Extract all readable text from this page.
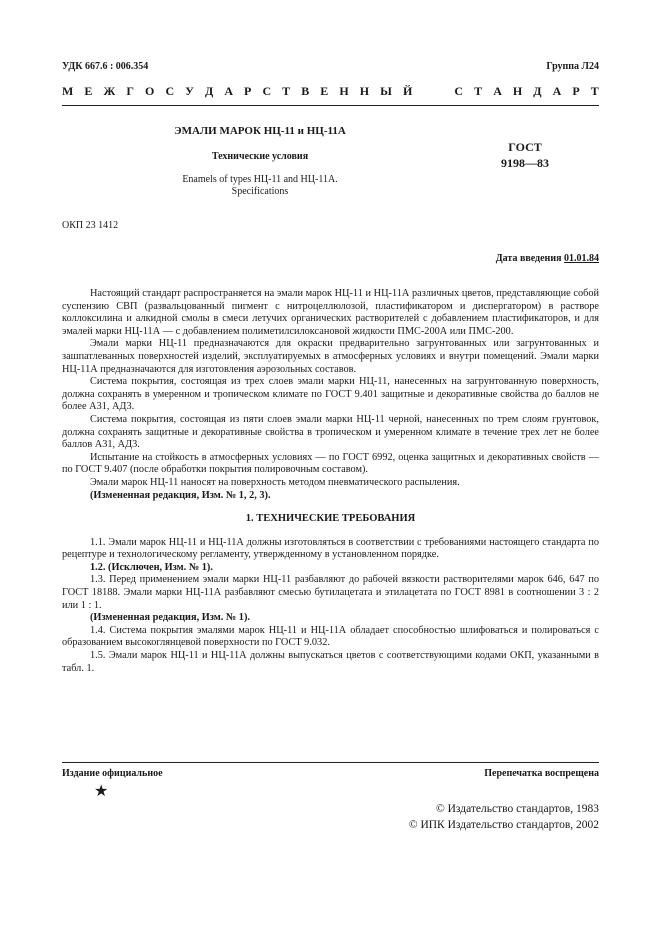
УДК 667.6 : 006.354	Группа Л24
М Е Ж Г О С У Д А Р С Т В Е Н Н Ы Й	С Т А Н Д А Р Т
ЭМАЛИ МАРОК НЦ-11 и НЦ-11А
Технические условия
Enamels of types НЦ-11 and НЦ-11А.
Specifications
ГОСТ
9198—83
ОКП 23 1412
Дата введения 01.01.84

Настоящий стандарт распространяется на эмали марок НЦ-11 и НЦ-11А различных цветов, представляющие собой суспензию СВП (развальцованный пигмент с нитроцеллюлозой, пластификатором и диспергатором) в растворе коллоксилина и алкидной смолы в смеси летучих органических растворителей с добавлением пластификаторов, и для эмалей марки НЦ-11А — с добавлением полиметилсилоксановой жидкости ПМС-200А или ПМС-200.

Эмали марки НЦ-11 предназначаются для окраски предварительно загрунтованных или загрунтованных и зашпатлеванных поверхностей изделий, эксплуатируемых в атмосферных условиях и внутри помещений. Эмали марки НЦ-11А предназначаются для изготовления аэрозольных составов.

Система покрытия, состоящая из трех слоев эмали марки НЦ-11, нанесенных на загрунтованную поверхность, должна сохранять в умеренном и тропическом климате по ГОСТ 9.401 защитные и декоративные свойства до баллов не более А31, АД3.

Система покрытия, состоящая из пяти слоев эмали марки НЦ-11 черной, нанесенных по трем слоям грунтовок, должна сохранять защитные и декоративные свойства в тропическом и умеренном климате в течение трех лет не более баллов А31, АД3.

Испытание на стойкость в атмосферных условиях — по ГОСТ 6992, оценка защитных и декоративных свойств — по ГОСТ 9.407 (после обработки покрытия полировочным составом).

Эмали марок НЦ-11 наносят на поверхность методом пневматического распыления.

(Измененная редакция, Изм. № 1, 2, 3).

1. ТЕХНИЧЕСКИЕ ТРЕБОВАНИЯ

1.1. Эмали марок НЦ-11 и НЦ-11А должны изготовляться в соответствии с требованиями настоящего стандарта по рецептуре и технологическому регламенту, утвержденному в установленном порядке.

1.2. (Исключен, Изм. № 1).

1.3. Перед применением эмали марки НЦ-11 разбавляют до рабочей вязкости растворителями марок 646, 647 по ГОСТ 18188. Эмали марки НЦ-11А разбавляют смесью бутилацетата и этилацетата по ГОСТ 8981 в соотношении 3 : 2 или 1 : 1.

(Измененная редакция, Изм. № 1).

1.4. Система покрытия эмалями марок НЦ-11 и НЦ-11А обладает способностью шлифоваться и полироваться с образованием высокоглянцевой поверхности по ГОСТ 9.032.

1.5. Эмали марок НЦ-11 и НЦ-11А должны выпускаться цветов с соответствующими кодами ОКП, указанными в табл. 1.

Издание официальное	Перепечатка воспрещена
★
© Издательство стандартов, 1983
© ИПК Издательство стандартов, 2002
